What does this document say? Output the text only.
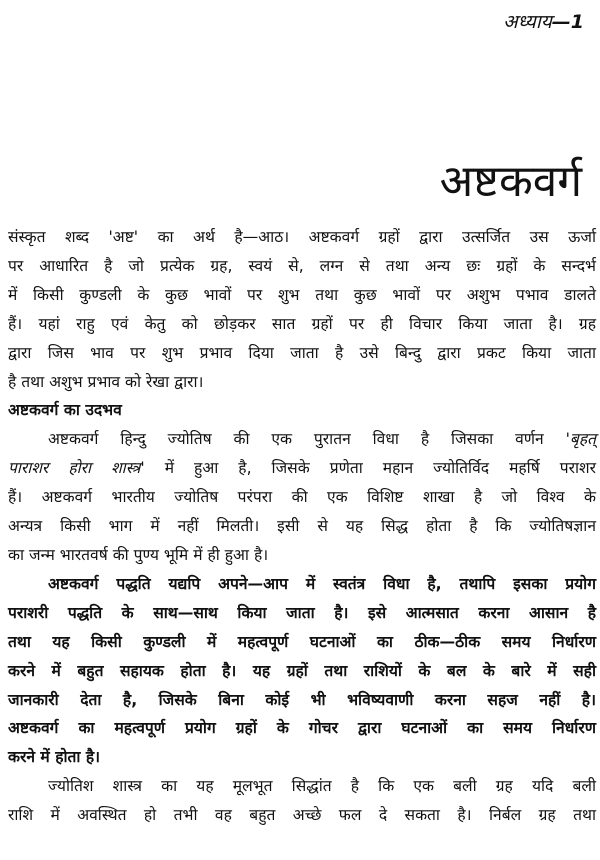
अध्याय—1
अष्टकवर्ग
संस्कृत शब्द 'अष्ट' का अर्थ है—आठ। अष्टकवर्ग ग्रहों द्वारा उत्सर्जित उस ऊर्जा
पर आधारित है जो प्रत्येक ग्रह, स्वयं से, लग्न से तथा अन्य छः ग्रहों के सन्दर्भ
में किसी कुण्डली के कुछ भावों पर शुभ तथा कुछ भावों पर अशुभ पभाव डालते
हैं। यहां राहु एवं केतु को छोड़कर सात ग्रहों पर ही विचार किया जाता है। ग्रह
द्वारा जिस भाव पर शुभ प्रभाव दिया जाता है उसे बिन्दु द्वारा प्रकट किया जाता
है तथा अशुभ प्रभाव को रेखा द्वारा।
अष्टकवर्ग का उदभव
अष्टकवर्ग हिन्दु ज्योतिष की एक पुरातन विधा है जिसका वर्णन 'बृहत्
पाराशर होरा शास्त्र' में हुआ है, जिसके प्रणेता महान ज्योतिर्विद महर्षि पराशर
हैं। अष्टकवर्ग भारतीय ज्योतिष परंपरा की एक विशिष्ट शाखा है जो विश्व के
अन्यत्र किसी भाग में नहीं मिलती। इसी से यह सिद्ध होता है कि ज्योतिषज्ञान
का जन्म भारतवर्ष की पुण्य भूमि में ही हुआ है।
अष्टकवर्ग पद्धति यद्यपि अपने—आप में स्वतंत्र विधा है, तथापि इसका प्रयोग
पराशरी पद्धति के साथ—साथ किया जाता है। इसे आत्मसात करना आसान है
तथा यह किसी कुण्डली में महत्वपूर्ण घटनाओं का ठीक—ठीक समय निर्धारण
करने में बहुत सहायक होता है। यह ग्रहों तथा राशियों के बल के बारे में सही
जानकारी देता है, जिसके बिना कोई भी भविष्यवाणी करना सहज नहीं है।
अष्टकवर्ग का महत्वपूर्ण प्रयोग ग्रहों के गोचर द्वारा घटनाओं का समय निर्धारण
करने में होता है।
ज्योतिश शास्त्र का यह मूलभूत सिद्धांत है कि एक बली ग्रह यदि बली
राशि में अवस्थित हो तभी वह बहुत अच्छे फल दे सकता है। निर्बल ग्रह तथा
